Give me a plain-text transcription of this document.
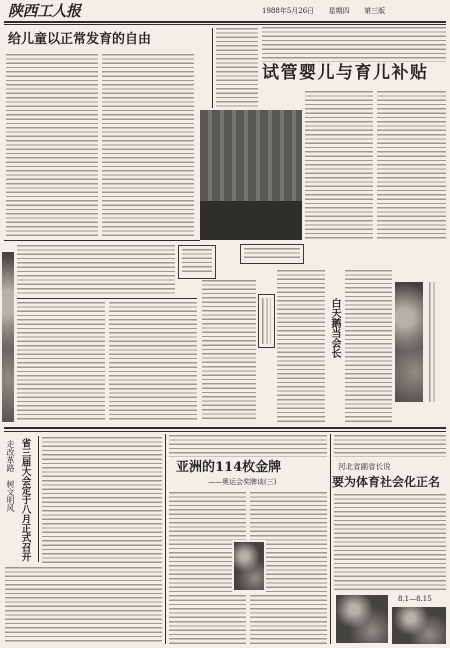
陕西工人报	1988年5月26日 星期四 第三版
给儿童以正常发育的自由
试管婴儿与育儿补贴
白天鹅当会长
走改革路　树文明风 省三届大会定于八月正式召开	亚洲的114枚金牌
——奥运会奖牌谈(三)
河北省副省长说
要为体育社会化正名
8.1—8.15
